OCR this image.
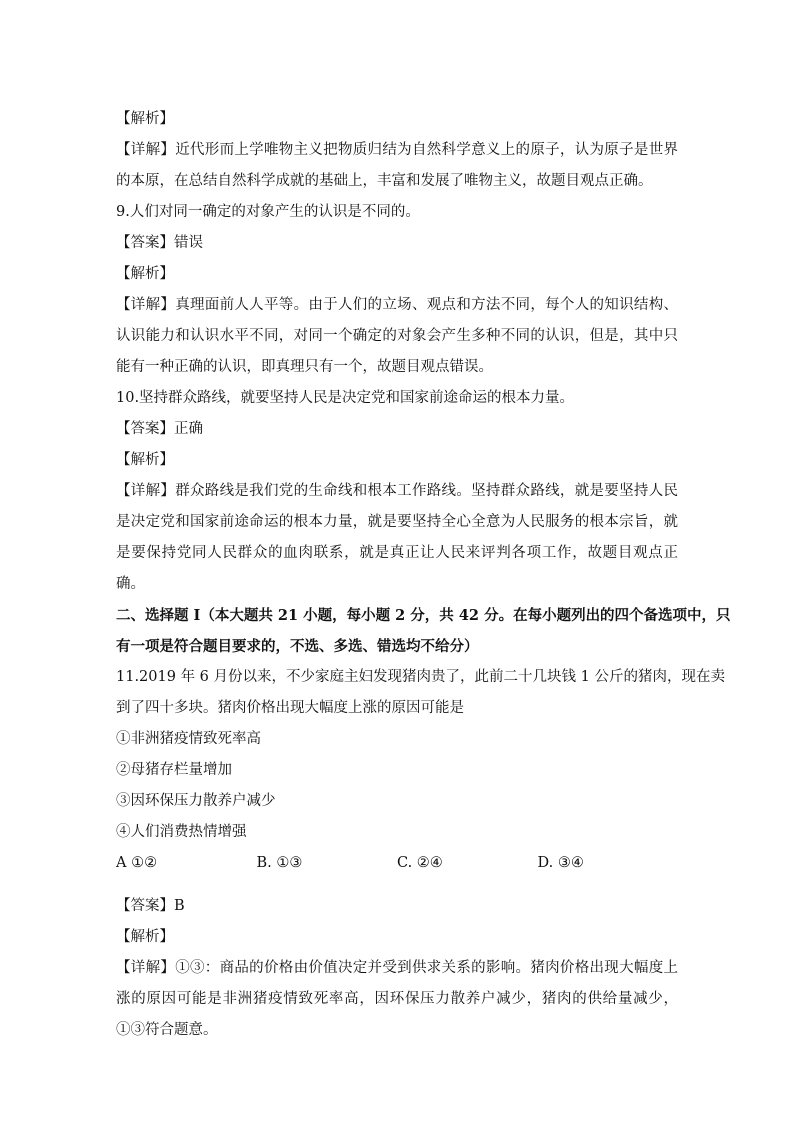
【解析】
【详解】近代形而上学唯物主义把物质归结为自然科学意义上的原子，认为原子是世界的本原，在总结自然科学成就的基础上，丰富和发展了唯物主义，故题目观点正确。
9.人们对同一确定的对象产生的认识是不同的。
【答案】错误
【解析】
【详解】真理面前人人平等。由于人们的立场、观点和方法不同，每个人的知识结构、认识能力和认识水平不同，对同一个确定的对象会产生多种不同的认识，但是，其中只能有一种正确的认识，即真理只有一个，故题目观点错误。
10.坚持群众路线，就要坚持人民是决定党和国家前途命运的根本力量。
【答案】正确
【解析】
【详解】群众路线是我们党的生命线和根本工作路线。坚持群众路线，就是要坚持人民是决定党和国家前途命运的根本力量，就是要坚持全心全意为人民服务的根本宗旨，就是要保持党同人民群众的血肉联系，就是真正让人民来评判各项工作，故题目观点正确。
二、选择题 I（本大题共 21 小题，每小题 2 分，共 42 分。在每小题列出的四个备选项中，只
有一项是符合题目要求的，不选、多选、错选均不给分）
11.2019 年 6 月份以来，不少家庭主妇发现猪肉贵了，此前二十几块钱 1 公斤的猪肉，现在卖
到了四十多块。猪肉价格出现大幅度上涨的原因可能是
①非洲猪疫情致死率高
②母猪存栏量增加
③因环保压力散养户减少
④人们消费热情增强
A ①②	B. ①③	C. ②④	D. ③④
【答案】B
【解析】
【详解】①③：商品的价格由价值决定并受到供求关系的影响。猪肉价格出现大幅度上涨的原因可能是非洲猪疫情致死率高，因环保压力散养户减少，猪肉的供给量减少，①③符合题意。
